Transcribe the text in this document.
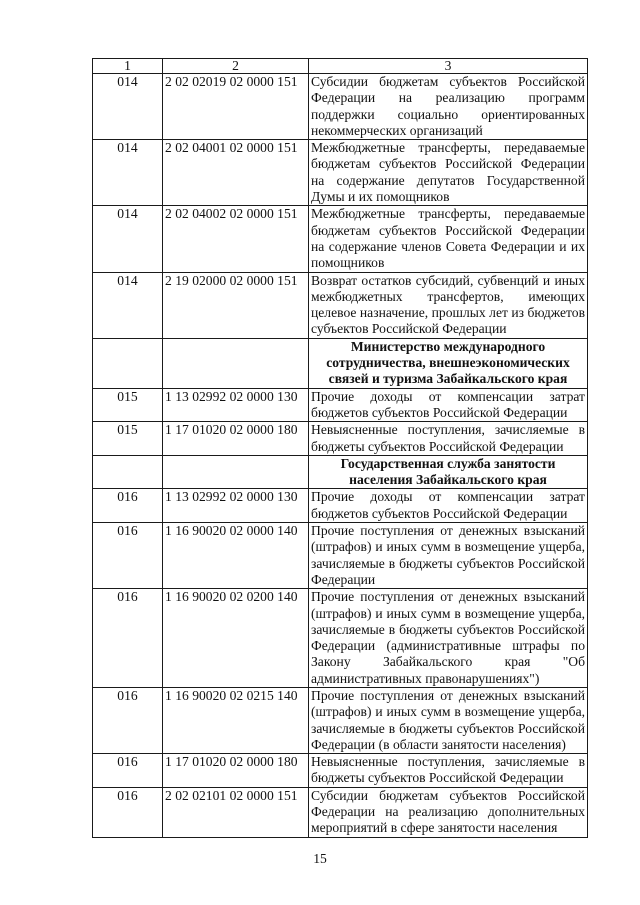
1	2	3
014	2 02 02019 02 0000 151	Субсидии бюджетам субъектов Российской Федерации на реализацию программ поддержки социально ориентированных некоммерческих организаций
014	2 02 04001 02 0000 151	Межбюджетные трансферты, передаваемые бюджетам субъектов Российской Федерации на содержание депутатов Государственной Думы и их помощников
014	2 02 04002 02 0000 151	Межбюджетные трансферты, передаваемые бюджетам субъектов Российской Федерации на содержание членов Совета Федерации и их помощников
014	2 19 02000 02 0000 151	Возврат остатков субсидий, субвенций и иных межбюджетных трансфертов, имеющих целевое назначение, прошлых лет из бюджетов субъектов Российской Федерации
		Министерство международного сотрудничества, внешнеэкономических связей и туризма Забайкальского края
015	1 13 02992 02 0000 130	Прочие доходы от компенсации затрат бюджетов субъектов Российской Федерации
015	1 17 01020 02 0000 180	Невыясненные поступления, зачисляемые в бюджеты субъектов Российской Федерации
		Государственная служба занятости населения Забайкальского края
016	1 13 02992 02 0000 130	Прочие доходы от компенсации затрат бюджетов субъектов Российской Федерации
016	1 16 90020 02 0000 140	Прочие поступления от денежных взысканий (штрафов) и иных сумм в возмещение ущерба, зачисляемые в бюджеты субъектов Российской Федерации
016	1 16 90020 02 0200 140	Прочие поступления от денежных взысканий (штрафов) и иных сумм в возмещение ущерба, зачисляемые в бюджеты субъектов Российской Федерации (административные штрафы по Закону Забайкальского края "Об административных правонарушениях")
016	1 16 90020 02 0215 140	Прочие поступления от денежных взысканий (штрафов) и иных сумм в возмещение ущерба, зачисляемые в бюджеты субъектов Российской Федерации (в области занятости населения)
016	1 17 01020 02 0000 180	Невыясненные поступления, зачисляемые в бюджеты субъектов Российской Федерации
016	2 02 02101 02 0000 151	Субсидии бюджетам субъектов Российской Федерации на реализацию дополнительных мероприятий в сфере занятости населения
15
